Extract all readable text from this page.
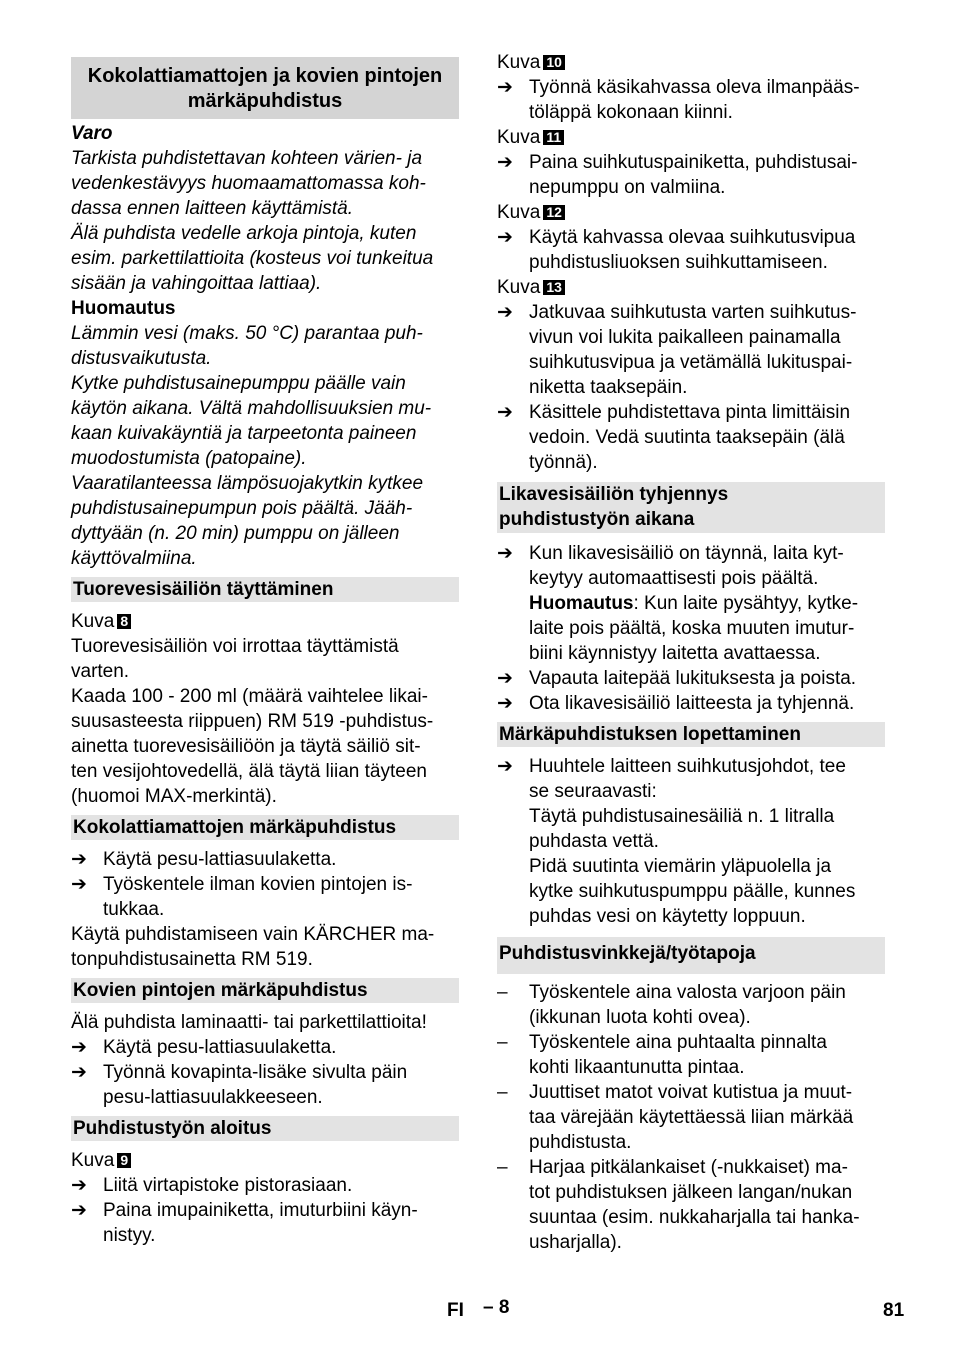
Kokolattiamattojen ja kovien pintojen märkäpuhdistus

Varo

Tarkista puhdistettavan kohteen värien- ja
vedenkestävyys huomaamattomassa koh-
dassa ennen laitteen käyttämistä.
Älä puhdista vedelle arkoja pintoja, kuten
esim. parkettilattioita (kosteus voi tunkeitua
sisään ja vahingoittaa lattiaa).

Huomautus

Lämmin vesi (maks. 50 °C) parantaa puh-
distusvaikutusta.
Kytke puhdistusainepumppu päälle vain
käytön aikana. Vältä mahdollisuuksien mu-
kaan kuivakäyntiä ja tarpeetonta paineen
muodostumista (patopaine).
Vaaratilanteessa lämpösuojakytkin kytkee
puhdistusainepumpun pois päältä. Jääh-
dyttyään (n. 20 min) pumppu on jälleen
käyttövalmiina.
Tuorevesisäiliön täyttäminen

Kuva 8

Tuorevesisäiliön voi irrottaa täyttämistä
varten.
Kaada 100 - 200 ml (määrä vaihtelee likai-
suusasteesta riippuen) RM 519 -puhdistus-
ainetta tuorevesisäiliöön ja täytä säiliö sit-
ten vesijohtovedellä, älä täytä liian täyteen
(huomoi MAX-merkintä).
Kokolattiamattojen märkäpuhdistus
➔ Käytä pesu-lattiasuulaketta.
➔ Työskentele ilman kovien pintojen is-
tukkaa.
Käytä puhdistamiseen vain KÄRCHER ma-
tonpuhdistusainetta RM 519.
Kovien pintojen märkäpuhdistus

Älä puhdista laminaatti- tai parkettilattioita!

➔ Käytä pesu-lattiasuulaketta.
➔ Työnnä kovapinta-lisäke sivulta päin
pesu-lattiasuulakkeeseen.
Puhdistustyön aloitus

Kuva 9

➔ Liitä virtapistoke pistorasiaan.
➔ Paina imupainiketta, imuturbiini käyn-
nistyy.

Kuva 10

➔ Työnnä käsikahvassa oleva ilmanpääs-
töläppä kokonaan kiinni.

Kuva 11

➔ Paina suihkutuspainiketta, puhdistusai-
nepumppu on valmiina.

Kuva 12

➔ Käytä kahvassa olevaa suihkutusvipua
puhdistusliuoksen suihkuttamiseen.

Kuva 13

➔ Jatkuvaa suihkutusta varten suihkutus-
vivun voi lukita paikalleen painamalla
suihkutusvipua ja vetämällä lukituspai-
niketta taaksepäin.
➔ Käsittele puhdistettava pinta limittäisin
vedoin. Vedä suutinta taaksepäin (älä
työnnä).
Likavesisäiliön tyhjennys
puhdistustyön aikana
➔ Kun likavesisäiliö on täynnä, laita kyt-
keytyy automaattisesti pois päältä.
Huomautus: Kun laite pysähtyy, kytke-
laite pois päältä, koska muuten imutur-
biini käynnistyy laitetta avattaessa.
➔ Vapauta laitepää lukituksesta ja poista.
➔ Ota likavesisäiliö laitteesta ja tyhjennä.
Märkäpuhdistuksen lopettaminen
➔ Huuhtele laitteen suihkutusjohdot, tee
se seuraavasti:
Täytä puhdistusainesäiliä n. 1 litralla
puhdasta vettä.
Pidä suutinta viemärin yläpuolella ja
kytke suihkutuspumppu päälle, kunnes
puhdas vesi on käytetty loppuun.
Puhdistusvinkkejä/työtapoja
– Työskentele aina valosta varjoon päin
(ikkunan luota kohti ovea).
– Työskentele aina puhtaalta pinnalta
kohti likaantunutta pintaa.
– Juuttiset matot voivat kutistua ja muut-
taa värejään käytettäessä liian märkää
puhdistusta.
– Harjaa pitkälankaiset (-nukkaiset) ma-
tot puhdistuksen jälkeen langan/nukan
suuntaa (esim. nukkaharjalla tai hanka-
usharjalla).
FI – 8	81
